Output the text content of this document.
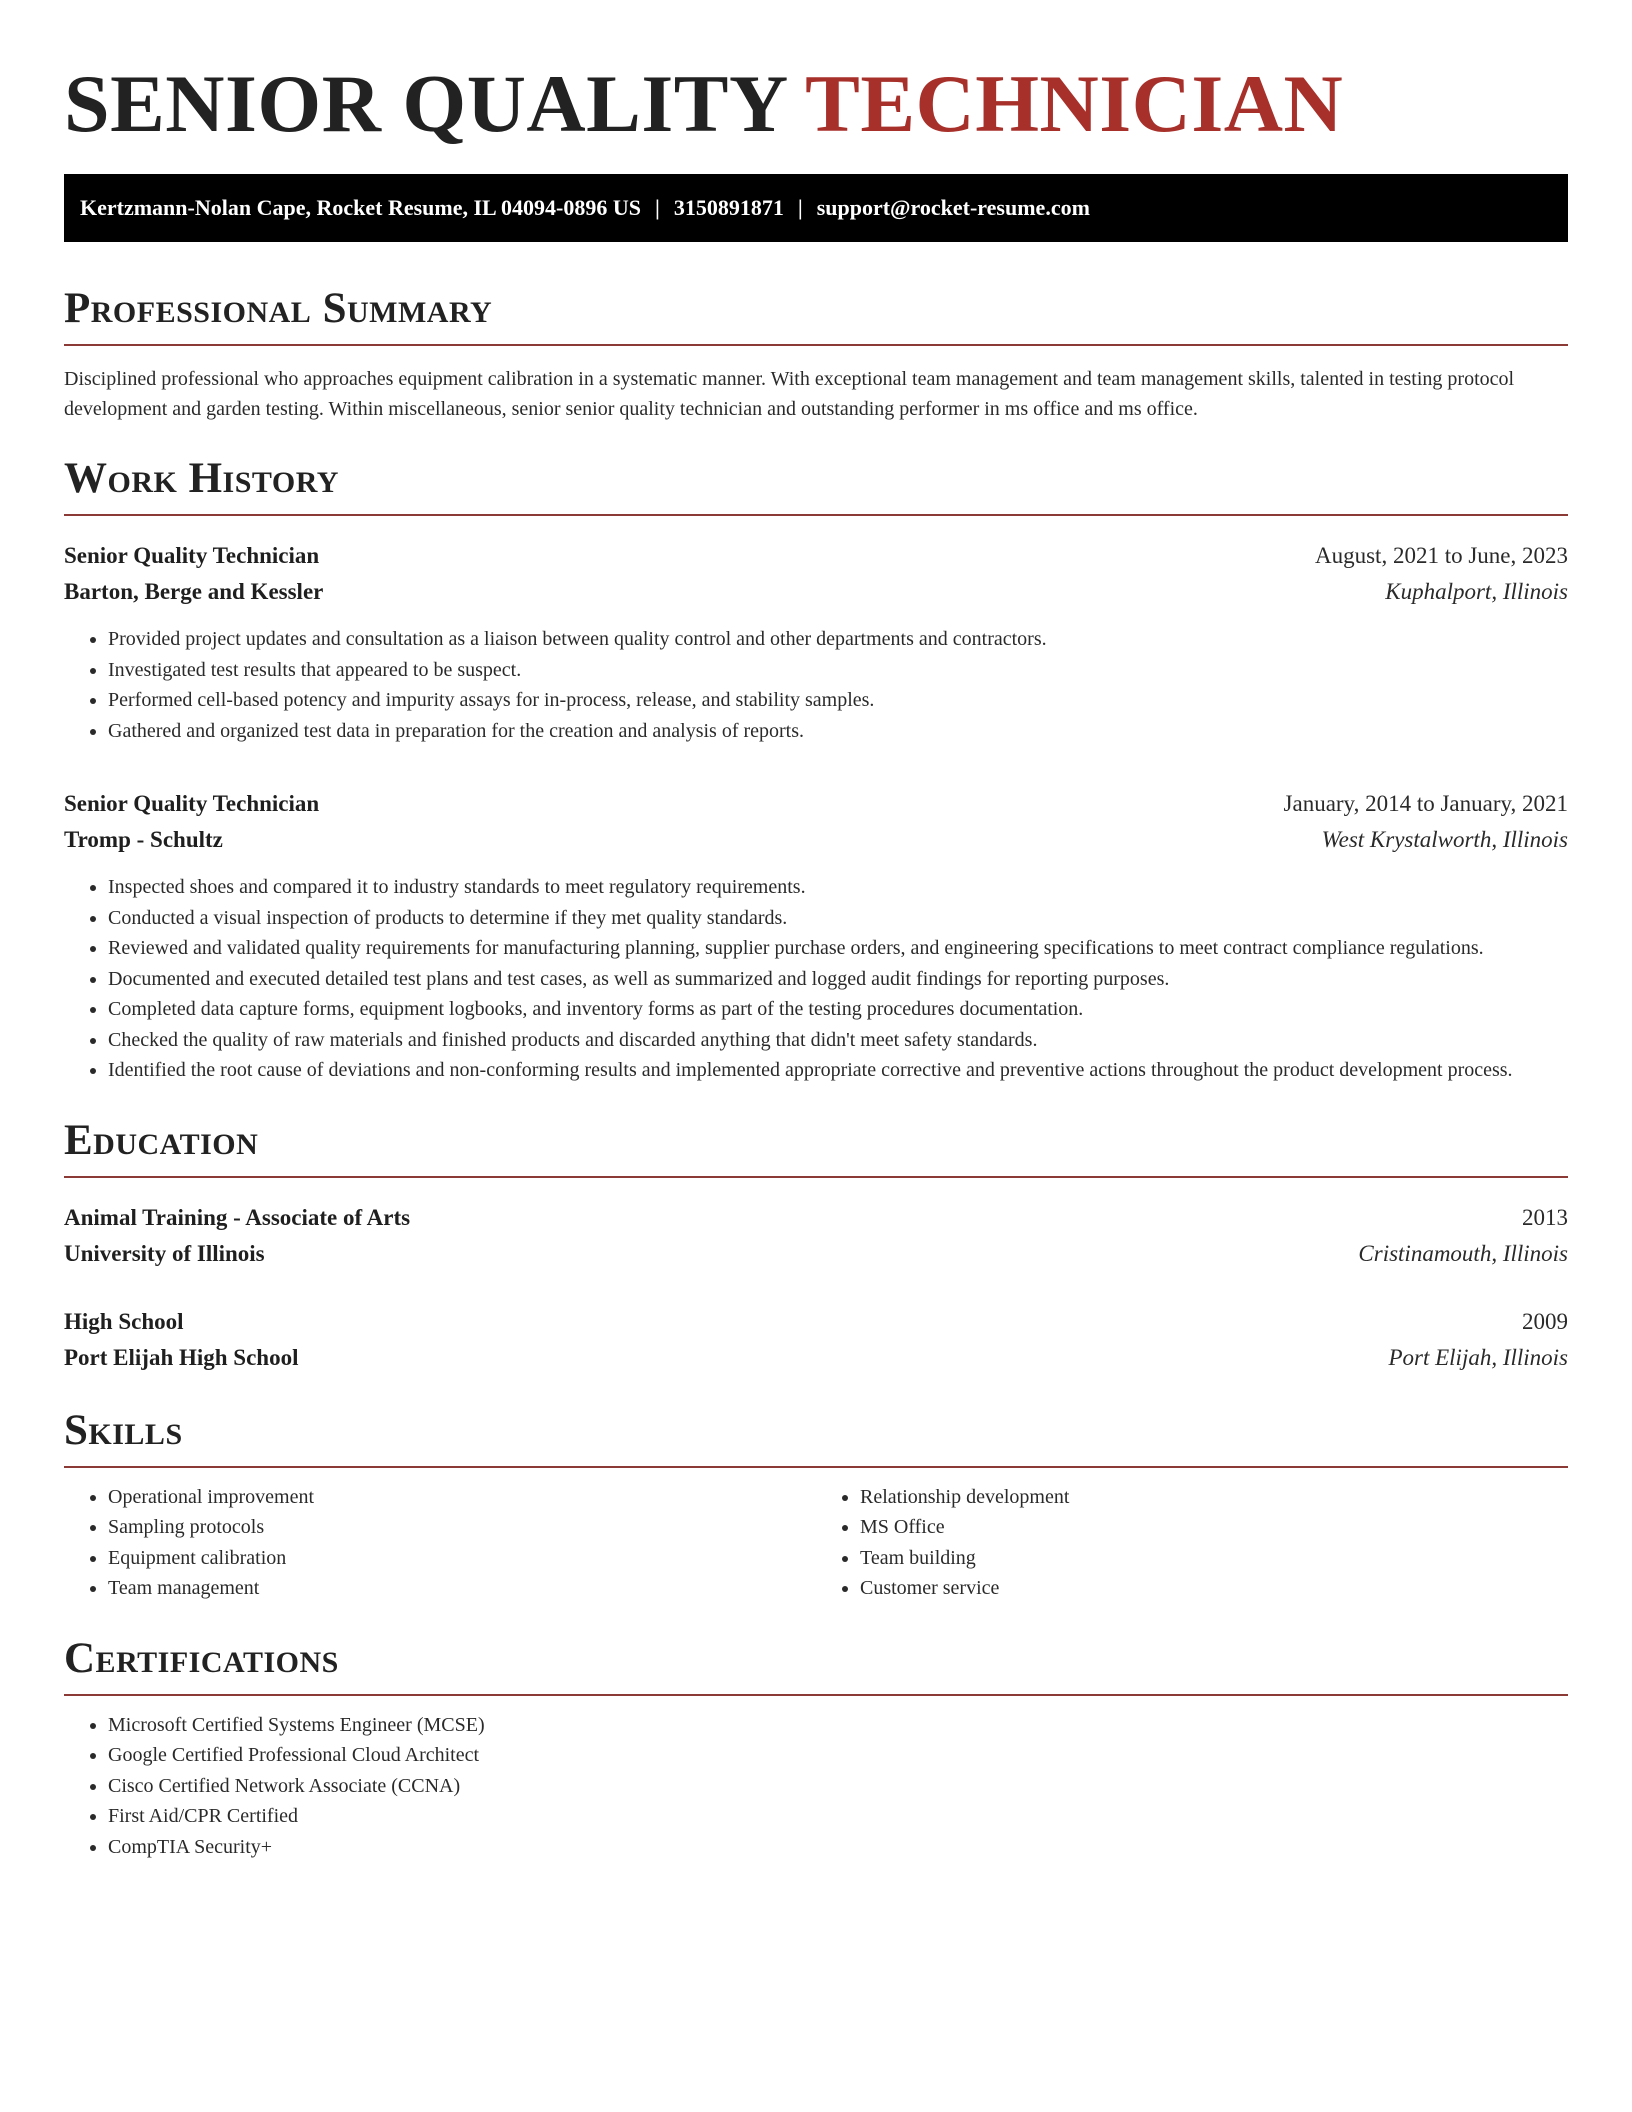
SENIOR QUALITY TECHNICIAN
Kertzmann-Nolan Cape, Rocket Resume, IL 04094-0896 US | 3150891871 | support@rocket-resume.com
Professional Summary

Disciplined professional who approaches equipment calibration in a systematic manner. With exceptional team management and team management skills, talented in testing protocol development and garden testing. Within miscellaneous, senior senior quality technician and outstanding performer in ms office and ms office.

Work History
Senior Quality Technician	August, 2021 to June, 2023
Barton, Berge and Kessler	Kuphalport, Illinois
• Provided project updates and consultation as a liaison between quality control and other departments and contractors.
• Investigated test results that appeared to be suspect.
• Performed cell-based potency and impurity assays for in-process, release, and stability samples.
• Gathered and organized test data in preparation for the creation and analysis of reports.
Senior Quality Technician	January, 2014 to January, 2021
Tromp - Schultz	West Krystalworth, Illinois
• Inspected shoes and compared it to industry standards to meet regulatory requirements.
• Conducted a visual inspection of products to determine if they met quality standards.
• Reviewed and validated quality requirements for manufacturing planning, supplier purchase orders, and engineering specifications to meet contract compliance regulations.
• Documented and executed detailed test plans and test cases, as well as summarized and logged audit findings for reporting purposes.
• Completed data capture forms, equipment logbooks, and inventory forms as part of the testing procedures documentation.
• Checked the quality of raw materials and finished products and discarded anything that didn't meet safety standards.
• Identified the root cause of deviations and non-conforming results and implemented appropriate corrective and preventive actions throughout the product development process.
Education
Animal Training - Associate of Arts	2013
University of Illinois	Cristinamouth, Illinois
High School	2009
Port Elijah High School	Port Elijah, Illinois
Skills
• Operational improvement
• Sampling protocols
• Equipment calibration
• Team management
• Relationship development
• MS Office
• Team building
• Customer service
Certifications
• Microsoft Certified Systems Engineer (MCSE)
• Google Certified Professional Cloud Architect
• Cisco Certified Network Associate (CCNA)
• First Aid/CPR Certified
• CompTIA Security+
